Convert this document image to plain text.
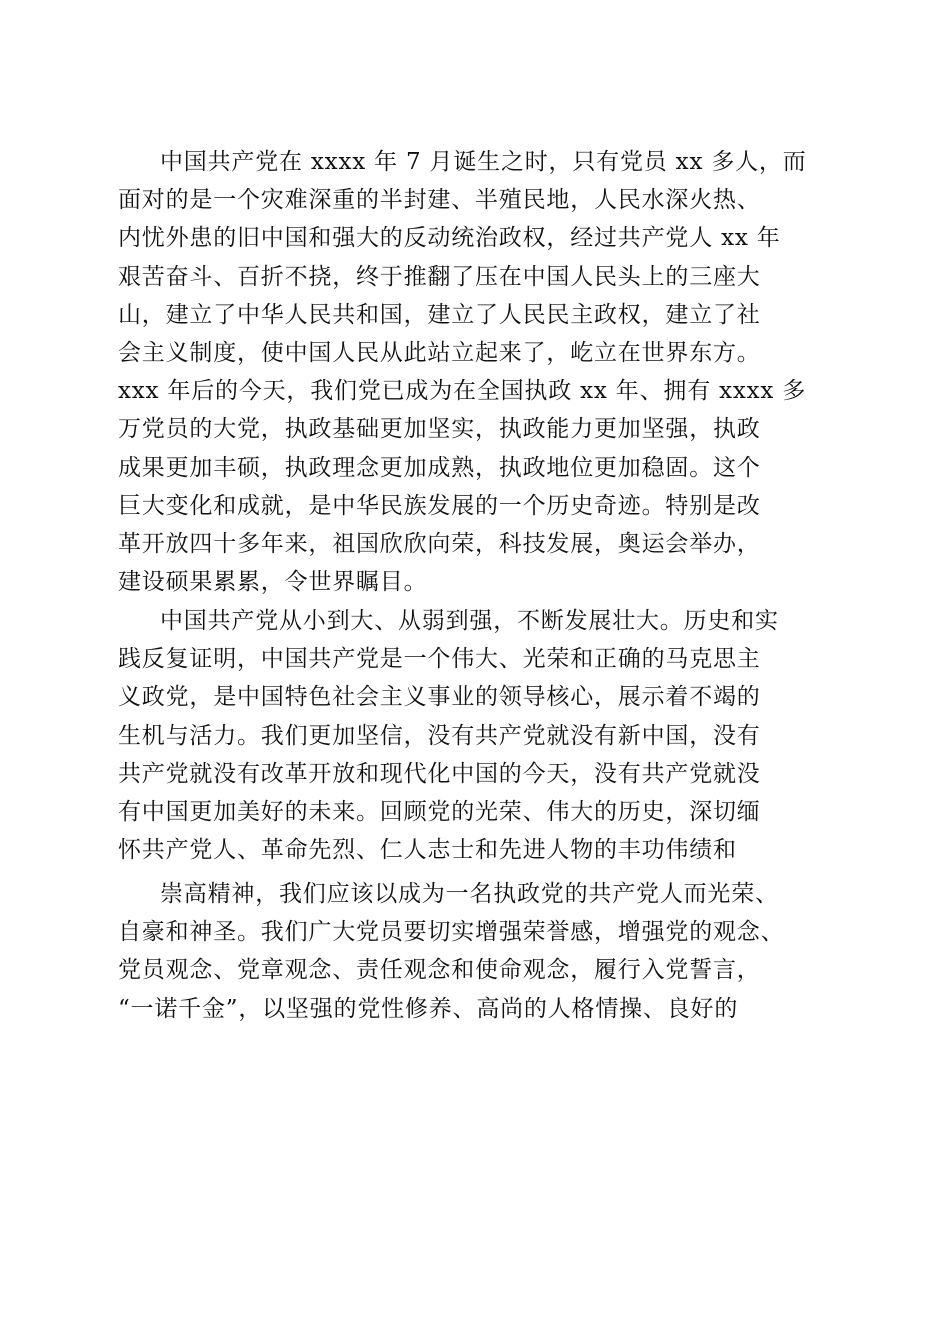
中国共产党在 xxxx 年 7 月诞生之时，只有党员 xx 多人，而
面对的是一个灾难深重的半封建、半殖民地，人民水深火热、
内忧外患的旧中国和强大的反动统治政权，经过共产党人 xx 年
艰苦奋斗、百折不挠，终于推翻了压在中国人民头上的三座大
山，建立了中华人民共和国，建立了人民民主政权，建立了社
会主义制度，使中国人民从此站立起来了，屹立在世界东方。
xxx 年后的今天，我们党已成为在全国执政 xx 年、拥有 xxxx 多
万党员的大党，执政基础更加坚实，执政能力更加坚强，执政
成果更加丰硕，执政理念更加成熟，执政地位更加稳固。这个
巨大变化和成就，是中华民族发展的一个历史奇迹。特别是改
革开放四十多年来，祖国欣欣向荣，科技发展，奥运会举办，
建设硕果累累，令世界瞩目。
中国共产党从小到大、从弱到强，不断发展壮大。历史和实
践反复证明，中国共产党是一个伟大、光荣和正确的马克思主
义政党，是中国特色社会主义事业的领导核心，展示着不竭的
生机与活力。我们更加坚信，没有共产党就没有新中国，没有
共产党就没有改革开放和现代化中国的今天，没有共产党就没
有中国更加美好的未来。回顾党的光荣、伟大的历史，深切缅
怀共产党人、革命先烈、仁人志士和先进人物的丰功伟绩和
崇高精神，我们应该以成为一名执政党的共产党人而光荣、
自豪和神圣。我们广大党员要切实增强荣誉感，增强党的观念、
党员观念、党章观念、责任观念和使命观念，履行入党誓言，
“一诺千金”，以坚强的党性修养、高尚的人格情操、良好的
